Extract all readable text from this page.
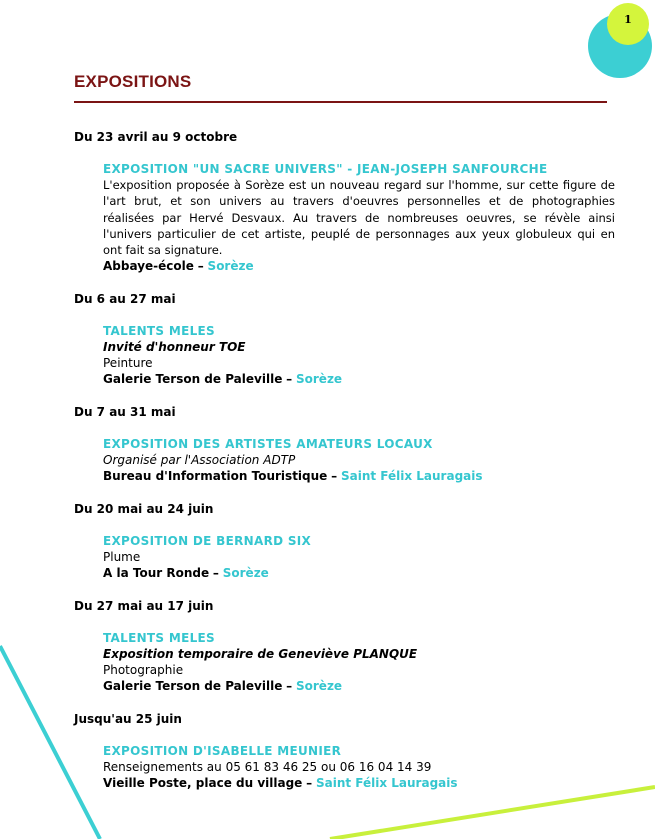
1
EXPOSITIONS
Du 23 avril au 9 octobre
EXPOSITION "UN SACRE UNIVERS" - JEAN-JOSEPH SANFOURCHE
L'exposition proposée à Sorèze est un nouveau regard sur l'homme, sur cette figure de l'art brut, et son univers au travers d'oeuvres personnelles et de photographies réalisées par Hervé Desvaux. Au travers de nombreuses oeuvres, se révèle ainsi l'univers particulier de cet artiste, peuplé de personnages aux yeux globuleux qui en ont fait sa signature.
Abbaye-école – Sorèze
Du 6 au 27 mai
TALENTS MELES
Invité d'honneur TOE
Peinture
Galerie Terson de Paleville – Sorèze
Du 7 au 31 mai
EXPOSITION DES ARTISTES AMATEURS LOCAUX
Organisé par l'Association ADTP
Bureau d'Information Touristique – Saint Félix Lauragais
Du 20 mai au 24 juin
EXPOSITION DE BERNARD SIX
Plume
A la Tour Ronde – Sorèze
Du 27 mai au 17 juin
TALENTS MELES
Exposition temporaire de Geneviève PLANQUE
Photographie
Galerie Terson de Paleville – Sorèze
Jusqu'au 25 juin
EXPOSITION D'ISABELLE MEUNIER
Renseignements au 05 61 83 46 25 ou 06 16 04 14 39
Vieille Poste, place du village – Saint Félix Lauragais
